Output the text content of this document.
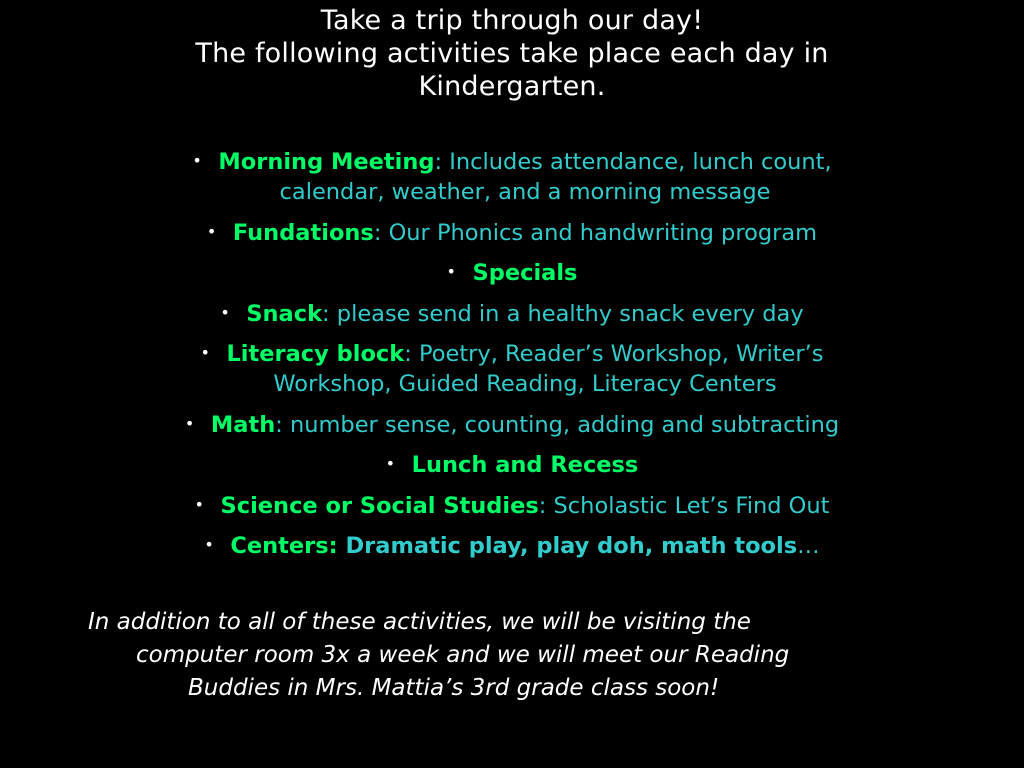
Take a trip through our day!
The following activities take place each day in
Kindergarten.
• Morning Meeting: Includes attendance, lunch count,
calendar, weather, and a morning message
• Fundations: Our Phonics and handwriting program
• Specials
• Snack: please send in a healthy snack every day
• Literacy block: Poetry, Reader’s Workshop, Writer’s
Workshop, Guided Reading, Literacy Centers
• Math: number sense, counting, adding and subtracting
• Lunch and Recess
• Science or Social Studies: Scholastic Let’s Find Out
• Centers: Dramatic play, play doh, math tools…
In addition to all of these activities, we will be visiting the
computer room 3x a week and we will meet our Reading
Buddies in Mrs. Mattia’s 3rd grade class soon!
